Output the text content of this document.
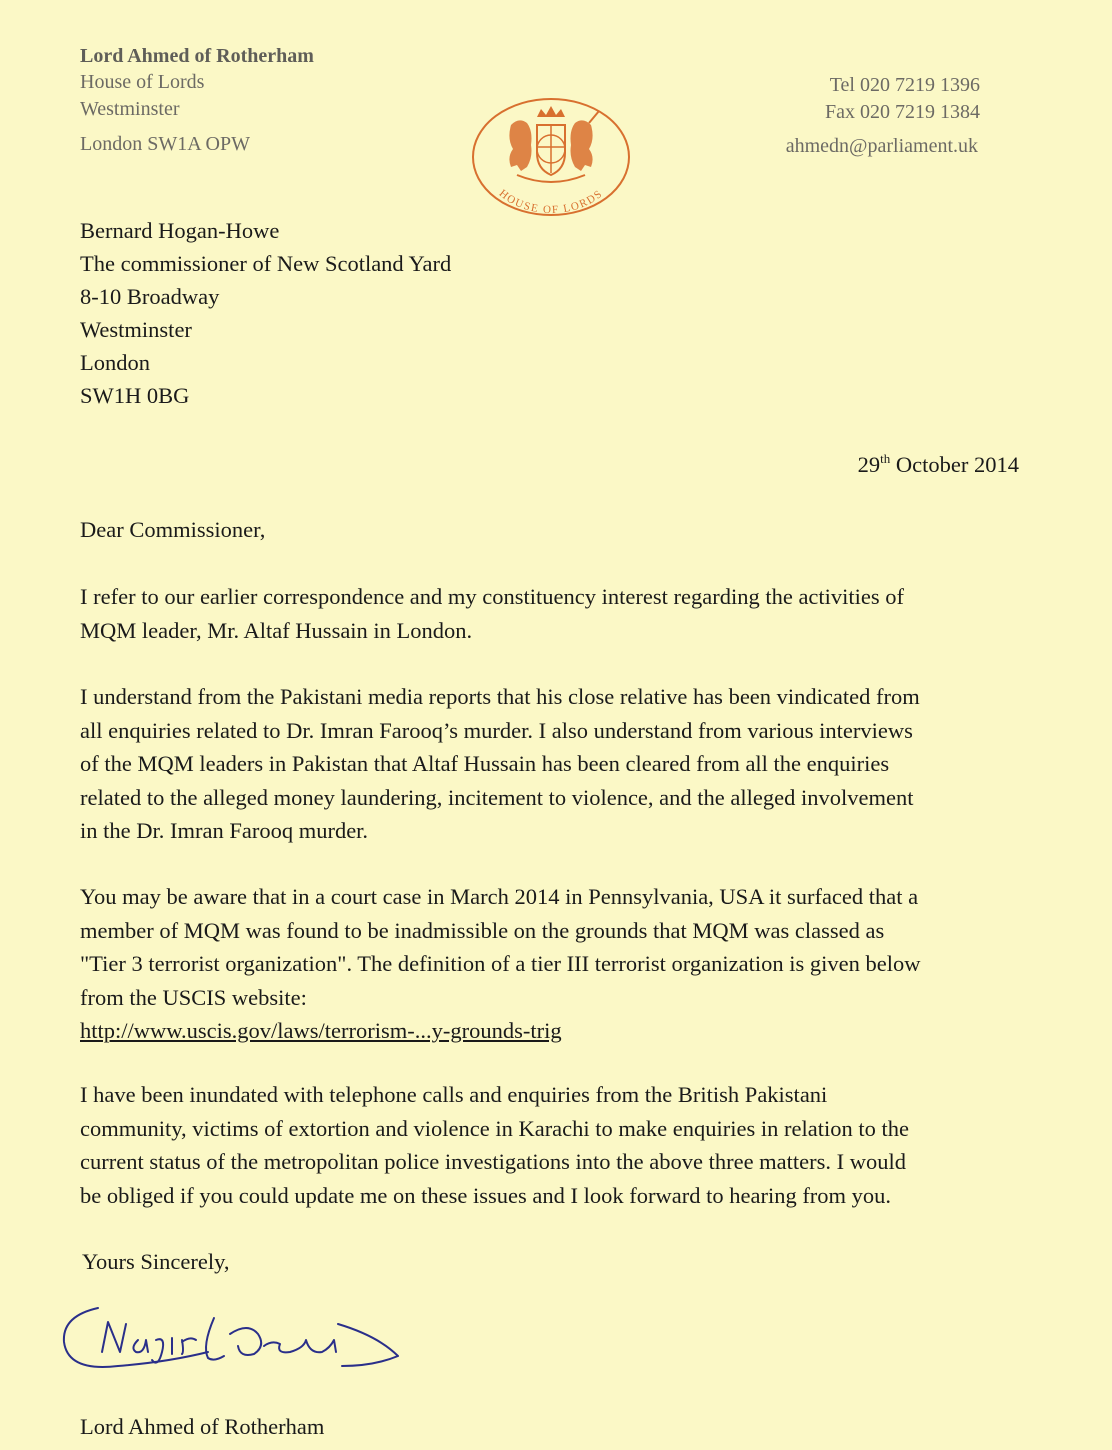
Lord Ahmed of Rotherham
House of Lords
Westminster
London SW1A OPW
Tel 020 7219 1396
Fax 020 7219 1384
ahmedn@parliament.uk
HOUSE OF LORDS
Bernard Hogan-Howe
The commissioner of New Scotland Yard
8-10 Broadway
Westminster
London
SW1H 0BG
29th October 2014
Dear Commissioner,
I refer to our earlier correspondence and my constituency interest regarding the activities of
MQM leader, Mr. Altaf Hussain in London.
I understand from the Pakistani media reports that his close relative has been vindicated from
all enquiries related to Dr. Imran Farooq’s murder. I also understand from various interviews
of the MQM leaders in Pakistan that Altaf Hussain has been cleared from all the enquiries
related to the alleged money laundering, incitement to violence, and the alleged involvement
in the Dr. Imran Farooq murder.
You may be aware that in a court case in March 2014 in Pennsylvania, USA it surfaced that a
member of MQM was found to be inadmissible on the grounds that MQM was classed as
"Tier 3 terrorist organization". The definition of a tier III terrorist organization is given below
from the USCIS website:
http://www.uscis.gov/laws/terrorism-...y-grounds-trig
I have been inundated with telephone calls and enquiries from the British Pakistani
community, victims of extortion and violence in Karachi to make enquiries in relation to the
current status of the metropolitan police investigations into the above three matters. I would
be obliged if you could update me on these issues and I look forward to hearing from you.
Yours Sincerely,
Lord Ahmed of Rotherham
